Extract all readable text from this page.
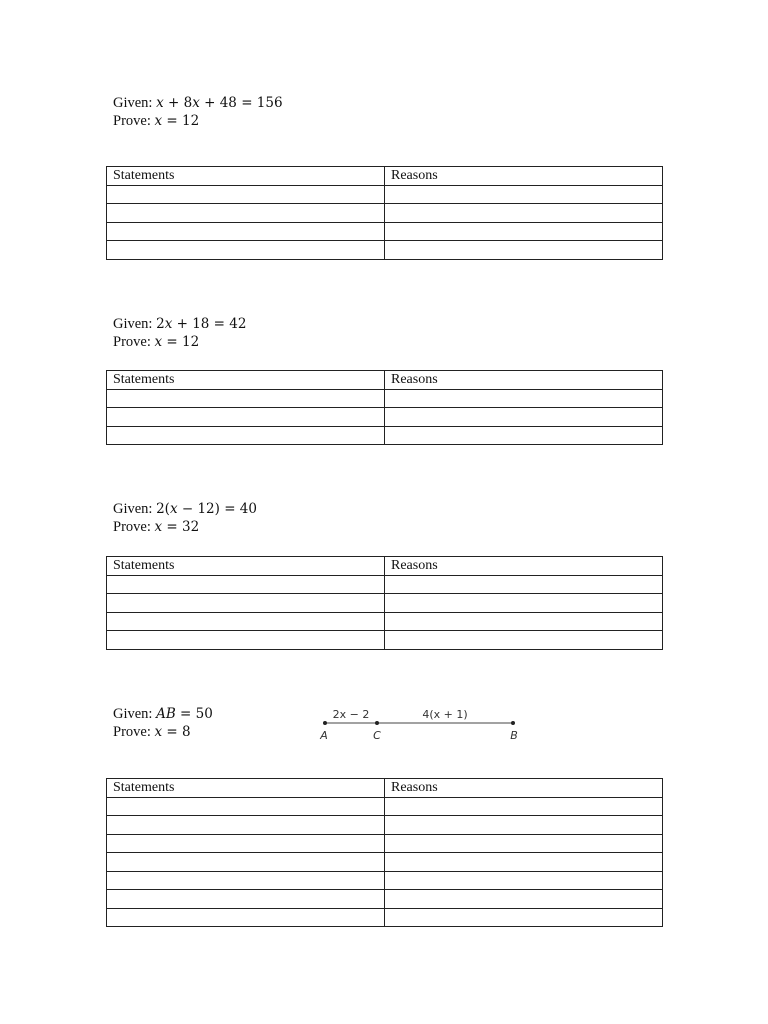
Given: x + 8x + 48 = 156
Prove: x = 12
Statements	Reasons

Given: 2x + 18 = 42
Prove: x = 12
Statements	Reasons

Given: 2(x − 12) = 40
Prove: x = 32
Statements	Reasons

Given: AB = 50
Prove: x = 8
2x − 2	4(x + 1)
A	C	B
Statements	Reasons
